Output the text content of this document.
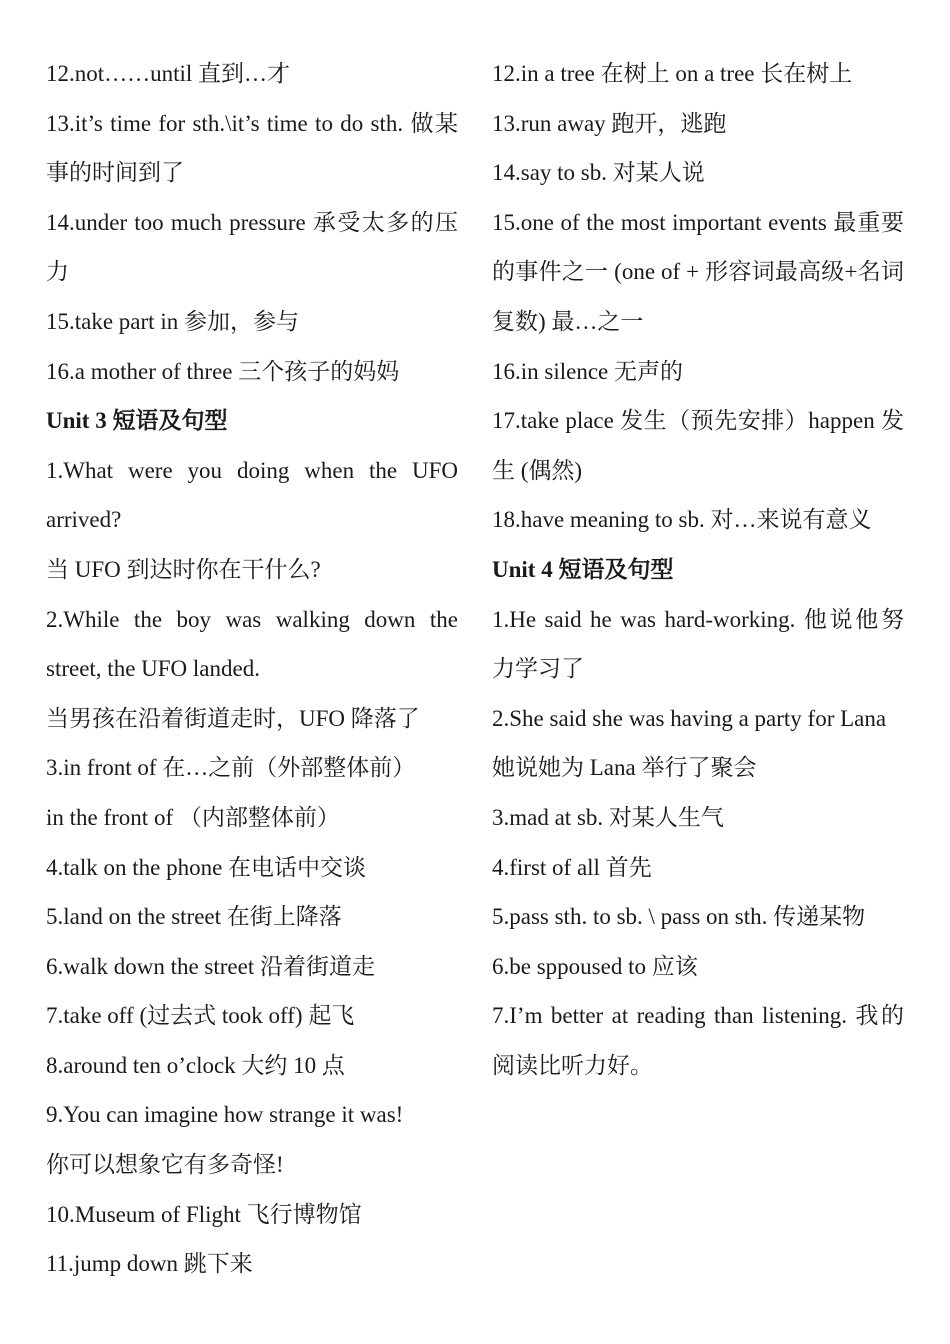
12.not……until 直到…才

13.it’s time for sth.\it’s time to do sth. 做某事的时间到了

14.under too much pressure 承受太多的压力

15.take part in 参加，参与

16.a mother of three 三个孩子的妈妈

Unit 3 短语及句型

1.What were you doing when the UFO arrived?

当 UFO 到达时你在干什么?

2.While the boy was walking down the street, the UFO landed.

当男孩在沿着街道走时，UFO 降落了

3.in front of 在…之前（外部整体前）

in the front of （内部整体前）

4.talk on the phone 在电话中交谈

5.land on the street 在街上降落

6.walk down the street 沿着街道走

7.take off (过去式 took off) 起飞

8.around ten o’clock 大约 10 点

9.You can imagine how strange it was!

你可以想象它有多奇怪!

10.Museum of Flight 飞行博物馆

11.jump down 跳下来

12.in a tree 在树上 on a tree 长在树上

13.run away 跑开，逃跑

14.say to sb. 对某人说

15.one of the most important events 最重要的事件之一 (one of + 形容词最高级+名词复数) 最…之一

16.in silence 无声的

17.take place 发生（预先安排）happen 发生 (偶然)

18.have meaning to sb. 对…来说有意义

Unit 4 短语及句型

1.He said he was hard-working. 他说他努力学习了

2.She said she was having a party for Lana

她说她为 Lana 举行了聚会

3.mad at sb. 对某人生气

4.first of all 首先

5.pass sth. to sb. \ pass on sth. 传递某物

6.be sppoused to 应该

7.I’m better at reading than listening. 我的阅读比听力好。
